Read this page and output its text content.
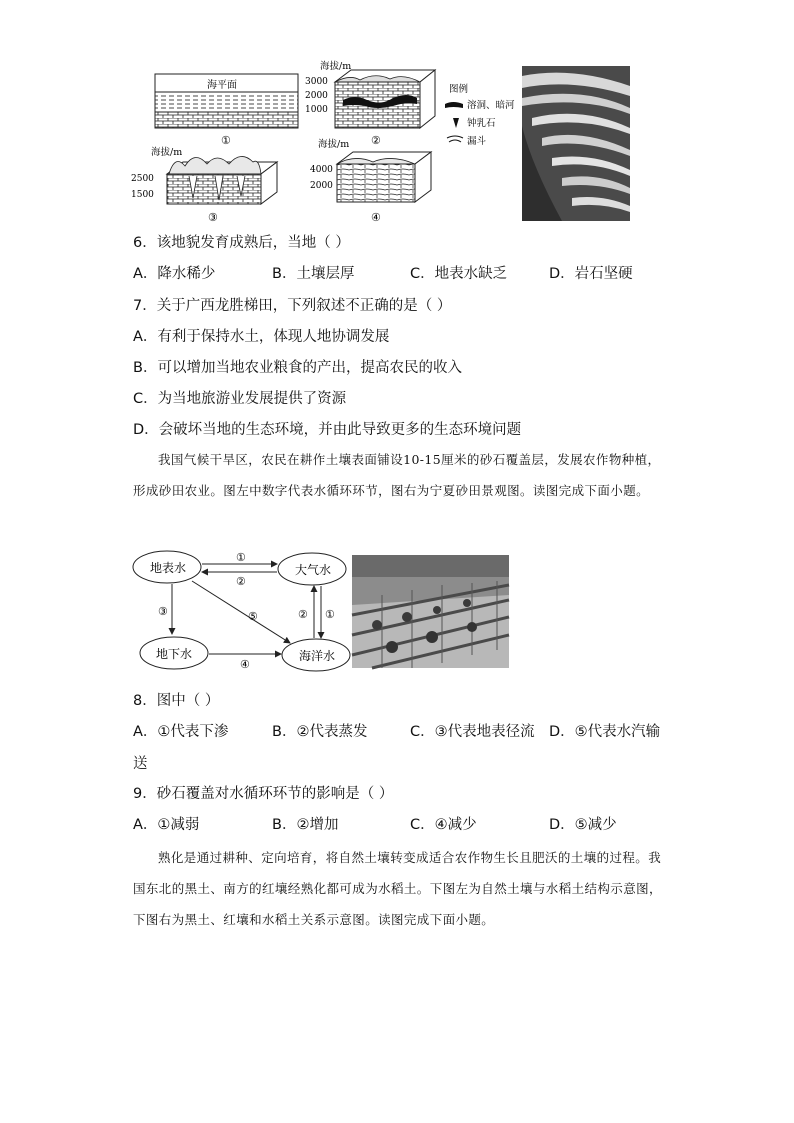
海平面
①
海拔/m
3000
2000
1000
②
图例
溶洞、暗河
钟乳石
漏斗
海拔/m
2500
1500
③
海拔/m
4000
2000
④
6．该地貌发育成熟后，当地（ ）
A．降水稀少	B．土壤层厚	C．地表水缺乏	D．岩石坚硬
7．关于广西龙胜梯田，下列叙述不正确的是（ ）
A．有利于保持水土，体现人地协调发展
B．可以增加当地农业粮食的产出，提高农民的收入
C．为当地旅游业发展提供了资源
D．会破坏当地的生态环境，并由此导致更多的生态环境问题
我国气候干旱区，农民在耕作土壤表面铺设10-15厘米的砂石覆盖层，发展农作物种植，形成砂田农业。图左中数字代表水循环环节，图右为宁夏砂田景观图。读图完成下面小题。
地表水	大气水
地下水	海洋水
①
②
③	⑤	② ①
④
8．图中（ ）
A．①代表下渗	B．②代表蒸发	C．③代表地表径流 D．⑤代表水汽输
送
9．砂石覆盖对水循环环节的影响是（ ）
A．①减弱	B．②增加	C．④减少	D．⑤减少
熟化是通过耕种、定向培育，将自然土壤转变成适合农作物生长且肥沃的土壤的过程。我国东北的黑土、南方的红壤经熟化都可成为水稻土。下图左为自然土壤与水稻土结构示意图，下图右为黑土、红壤和水稻土关系示意图。读图完成下面小题。
